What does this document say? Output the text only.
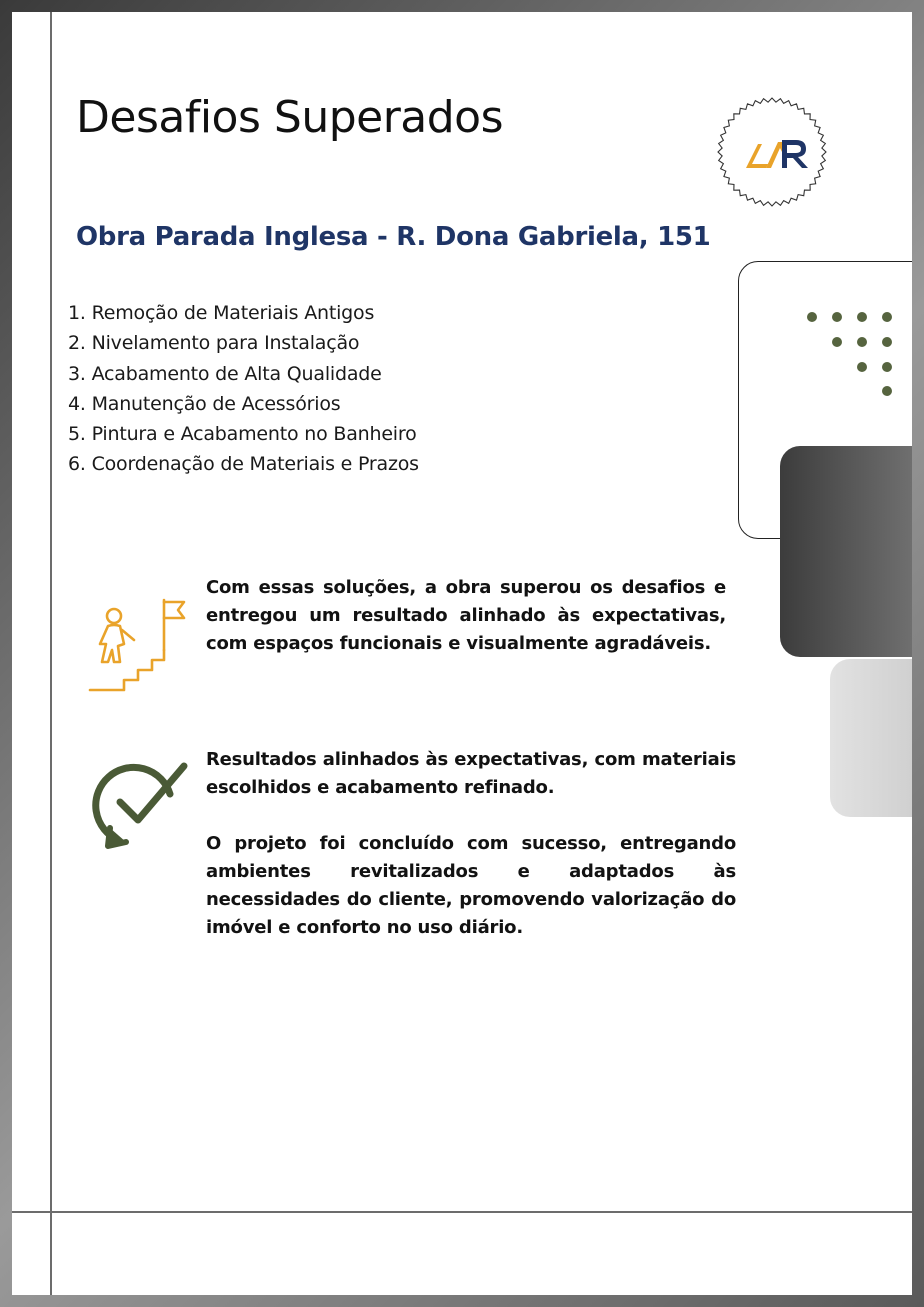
Desafios Superados
Obra Parada Inglesa - R. Dona Gabriela, 151
1. Remoção de Materiais Antigos
2. Nivelamento para Instalação
3. Acabamento de Alta Qualidade
4. Manutenção de Acessórios
5. Pintura e Acabamento no Banheiro
6. Coordenação de Materiais e Prazos

Com essas soluções, a obra superou os desafios e entregou um resultado alinhado às expectativas, com espaços funcionais e visualmente agradáveis.

Resultados alinhados às expectativas, com materiais escolhidos e acabamento refinado.

O projeto foi concluído com sucesso, entregando ambientes revitalizados e adaptados às necessidades do cliente, promovendo valorização do imóvel e conforto no uso diário.
